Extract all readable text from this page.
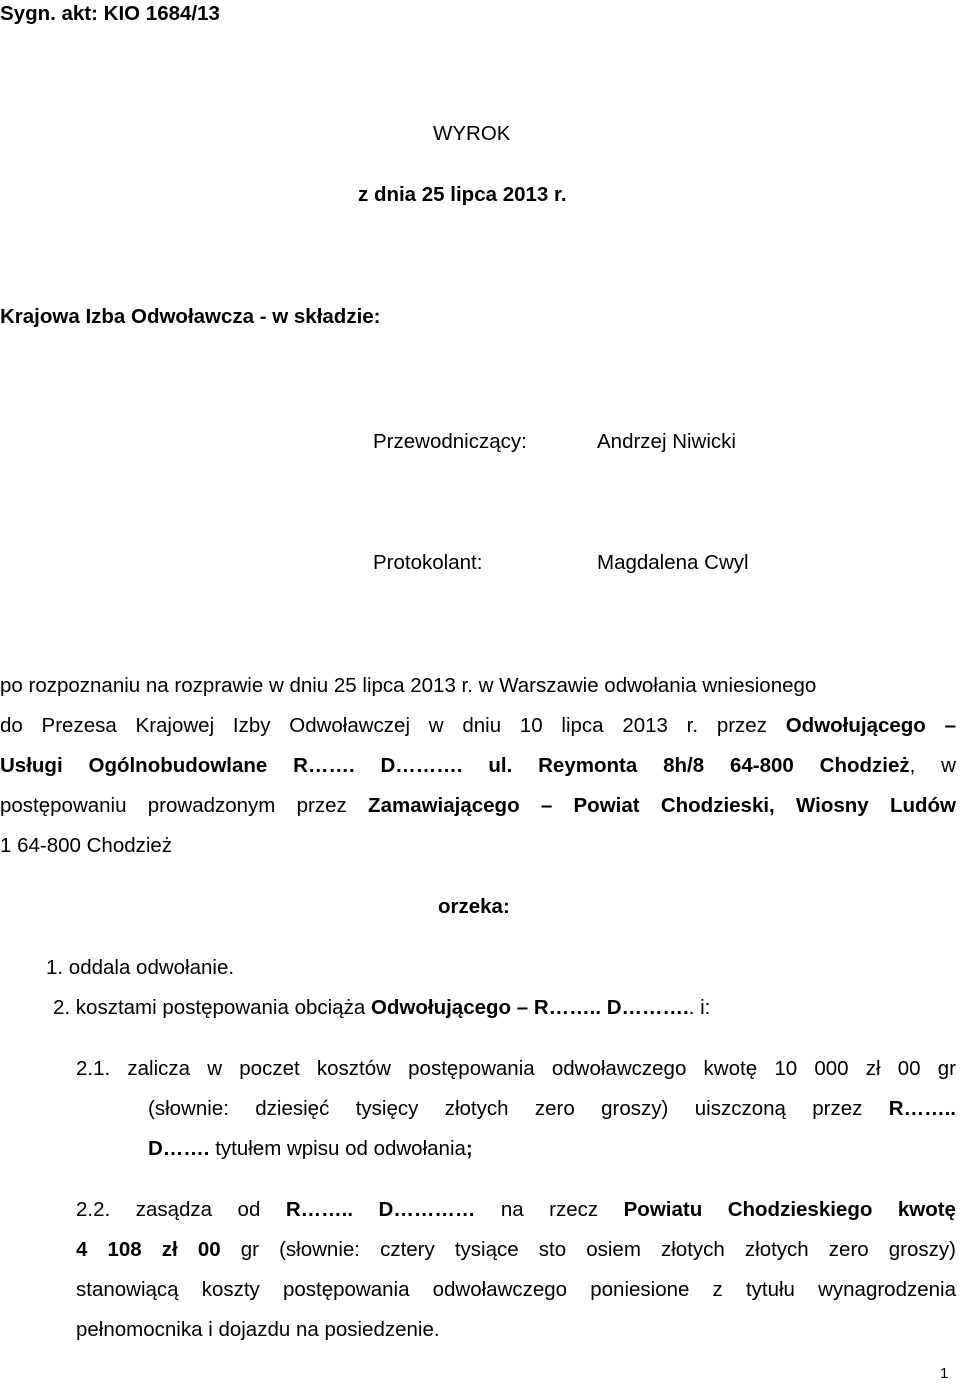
Sygn. akt: KIO 1684/13
WYROK
z dnia 25 lipca 2013 r.
Krajowa Izba Odwoławcza - w składzie:
Przewodniczący:	Andrzej Niwicki
Protokolant:	Magdalena Cwyl
po rozpoznaniu na rozprawie w dniu 25 lipca 2013 r. w Warszawie odwołania wniesionego
do Prezesa Krajowej Izby Odwoławczej w dniu 10 lipca 2013 r. przez Odwołującego –
Usługi Ogólnobudowlane R……. D………. ul. Reymonta 8h/8 64-800 Chodzież, w
postępowaniu prowadzonym przez Zamawiającego – Powiat Chodzieski, Wiosny Ludów
1 64-800 Chodzież
orzeka:
1. oddala odwołanie.
2. kosztami postępowania obciąża Odwołującego – R…….. D……….. i:
2.1. zalicza w poczet kosztów postępowania odwoławczego kwotę 10 000 zł 00 gr
(słownie: dziesięć tysięcy złotych zero groszy) uiszczoną przez R……..
D……. tytułem wpisu od odwołania;
2.2. zasądza od R…….. D………… na rzecz Powiatu Chodzieskiego kwotę
4 108 zł 00 gr (słownie: cztery tysiące sto osiem złotych złotych zero groszy)
stanowiącą koszty postępowania odwoławczego poniesione z tytułu wynagrodzenia
pełnomocnika i dojazdu na posiedzenie.
1
